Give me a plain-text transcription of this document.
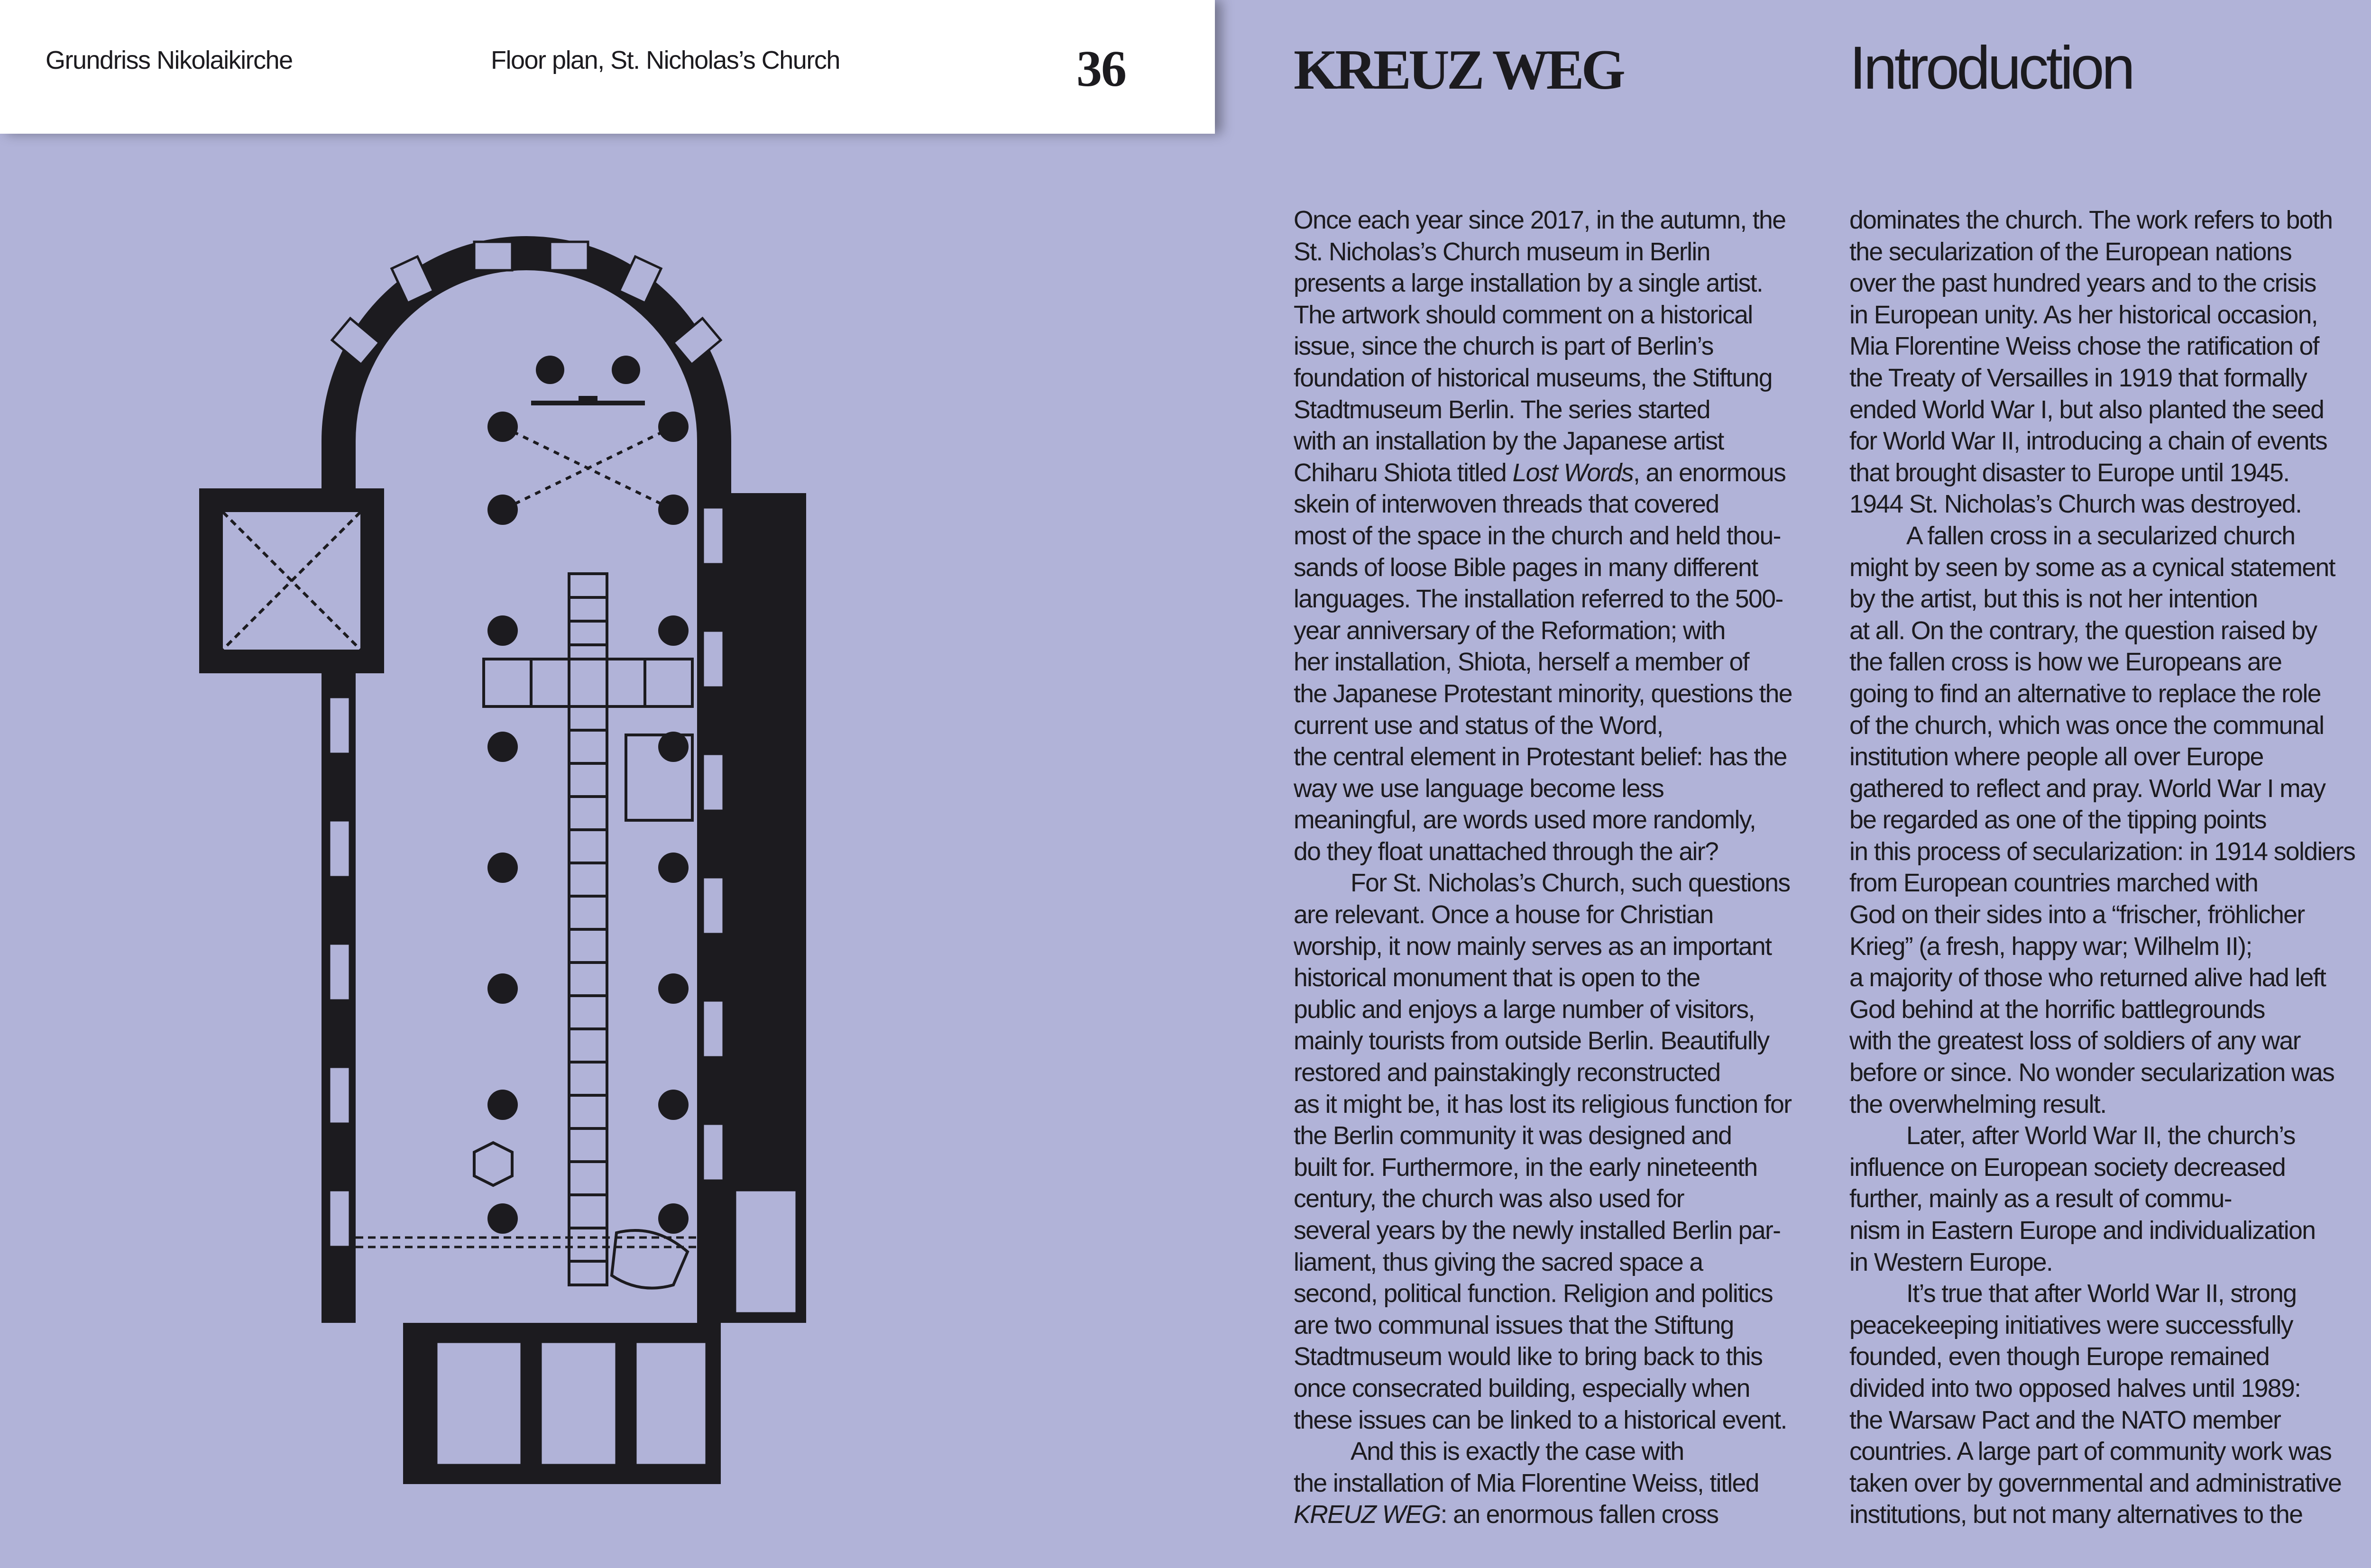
Grundriss Nikolaikirche	Floor plan, St. Nicholas’s Church	36	KREUZ WEG	Introduction
Once each year since 2017, in the autumn, the
St. Nicholas’s Church museum in Berlin
presents a large installation by a single artist.
The artwork should comment on a historical
issue, since the church is part of Berlin’s
foundation of historical museums, the Stiftung
Stadtmuseum Berlin. The series started
with an installation by the Japanese artist
Chiharu Shiota titled Lost Words, an enormous
skein of interwoven threads that covered
most of the space in the church and held thou-
sands of loose Bible pages in many different
languages. The installation referred to the 500-
year anniversary of the Reformation; with
her installation, Shiota, herself a member of
the Japanese Protestant minority, questions the
current use and status of the Word,
the central element in Protestant belief: has the
way we use language become less
meaningful, are words used more randomly,
do they float unattached through the air?
For St. Nicholas’s Church, such questions
are relevant. Once a house for Christian
worship, it now mainly serves as an important
historical monument that is open to the
public and enjoys a large number of visitors,
mainly tourists from outside Berlin. Beautifully
restored and painstakingly reconstructed
as it might be, it has lost its religious function for
the Berlin community it was designed and
built for. Furthermore, in the early nineteenth
century, the church was also used for
several years by the newly installed Berlin par-
liament, thus giving the sacred space a
second, political function. Religion and politics
are two communal issues that the Stiftung
Stadtmuseum would like to bring back to this
once consecrated building, especially when
these issues can be linked to a historical event.
And this is exactly the case with
the installation of Mia Florentine Weiss, titled
KREUZ WEG: an enormous fallen cross
dominates the church. The work refers to both
the secularization of the European nations
over the past hundred years and to the crisis
in European unity. As her historical occasion,
Mia Florentine Weiss chose the ratification of
the Treaty of Versailles in 1919 that formally
ended World War I, but also planted the seed
for World War II, introducing a chain of events
that brought disaster to Europe until 1945.
1944 St. Nicholas’s Church was destroyed.
A fallen cross in a secularized church
might by seen by some as a cynical statement
by the artist, but this is not her intention
at all. On the contrary, the question raised by
the fallen cross is how we Europeans are
going to find an alternative to replace the role
of the church, which was once the communal
institution where people all over Europe
gathered to reflect and pray. World War I may
be regarded as one of the tipping points
in this process of secularization: in 1914 soldiers
from European countries marched with
God on their sides into a “frischer, fröhlicher
Krieg” (a fresh, happy war; Wilhelm II);
a majority of those who returned alive had left
God behind at the horrific battlegrounds
with the greatest loss of soldiers of any war
before or since. No wonder secularization was
the overwhelming result.
Later, after World War II, the church’s
influence on European society decreased
further, mainly as a result of commu-
nism in Eastern Europe and individualization
in Western Europe.
It’s true that after World War II, strong
peacekeeping initiatives were successfully
founded, even though Europe remained
divided into two opposed halves until 1989:
the Warsaw Pact and the NATO member
countries. A large part of community work was
taken over by governmental and administrative
institutions, but not many alternatives to the
